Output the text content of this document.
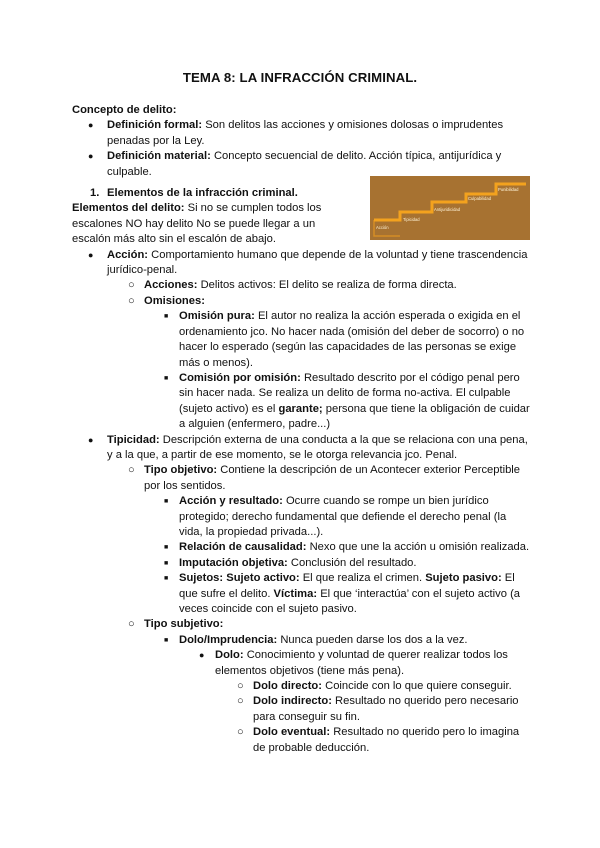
TEMA 8: LA INFRACCIÓN CRIMINAL.

Concepto de delito:

● Definición formal: Son delitos las acciones y omisiones dolosas o imprudentes penadas por la Ley.
● Definición material: Concepto secuencial de delito. Acción típica, antijurídica y culpable.
1. Elementos de la infracción criminal.

Elementos del delito: Si no se cumplen todos los escalones NO hay delito No se puede llegar a un escalón más alto sin el escalón de abajo.

● Acción: Comportamiento humano que depende de la voluntad y tiene trascendencia jurídico-penal.
○ Acciones: Delitos activos: El delito se realiza de forma directa.
○ Omisiones:
■ Omisión pura: El autor no realiza la acción esperada o exigida en el ordenamiento jco. No hacer nada (omisión del deber de socorro) o no hacer lo esperado (según las capacidades de las personas se exige más o menos).
■ Comisión por omisión: Resultado descrito por el código penal pero sin hacer nada. Se realiza un delito de forma no-activa. El culpable (sujeto activo) es el garante; persona que tiene la obligación de cuidar a alguien (enfermero, padre...)
● Tipicidad: Descripción externa de una conducta a la que se relaciona con una pena, y a la que, a partir de ese momento, se le otorga relevancia jco. Penal.
○ Tipo objetivo: Contiene la descripción de un Acontecer exterior Perceptible por los sentidos.
■ Acción y resultado: Ocurre cuando se rompe un bien jurídico protegido; derecho fundamental que defiende el derecho penal (la vida, la propiedad privada...).
■ Relación de causalidad: Nexo que une la acción u omisión realizada.
■ Imputación objetiva: Conclusión del resultado.
■ Sujetos: Sujeto activo: El que realiza el crimen. Sujeto pasivo: El que sufre el delito. Víctima: El que ‘interactúa’ con el sujeto activo (a veces coincide con el sujeto pasivo.
○ Tipo subjetivo:
■ Dolo/Imprudencia: Nunca pueden darse los dos a la vez.
● Dolo: Conocimiento y voluntad de querer realizar todos los elementos objetivos (tiene más pena).
○ Dolo directo: Coincide con lo que quiere conseguir.
○ Dolo indirecto: Resultado no querido pero necesario para conseguir su fin.
○ Dolo eventual: Resultado no querido pero lo imagina de probable deducción.
Acción
Tipicidad
Antijuridicidad
Culpabilidad
Punibilidad
